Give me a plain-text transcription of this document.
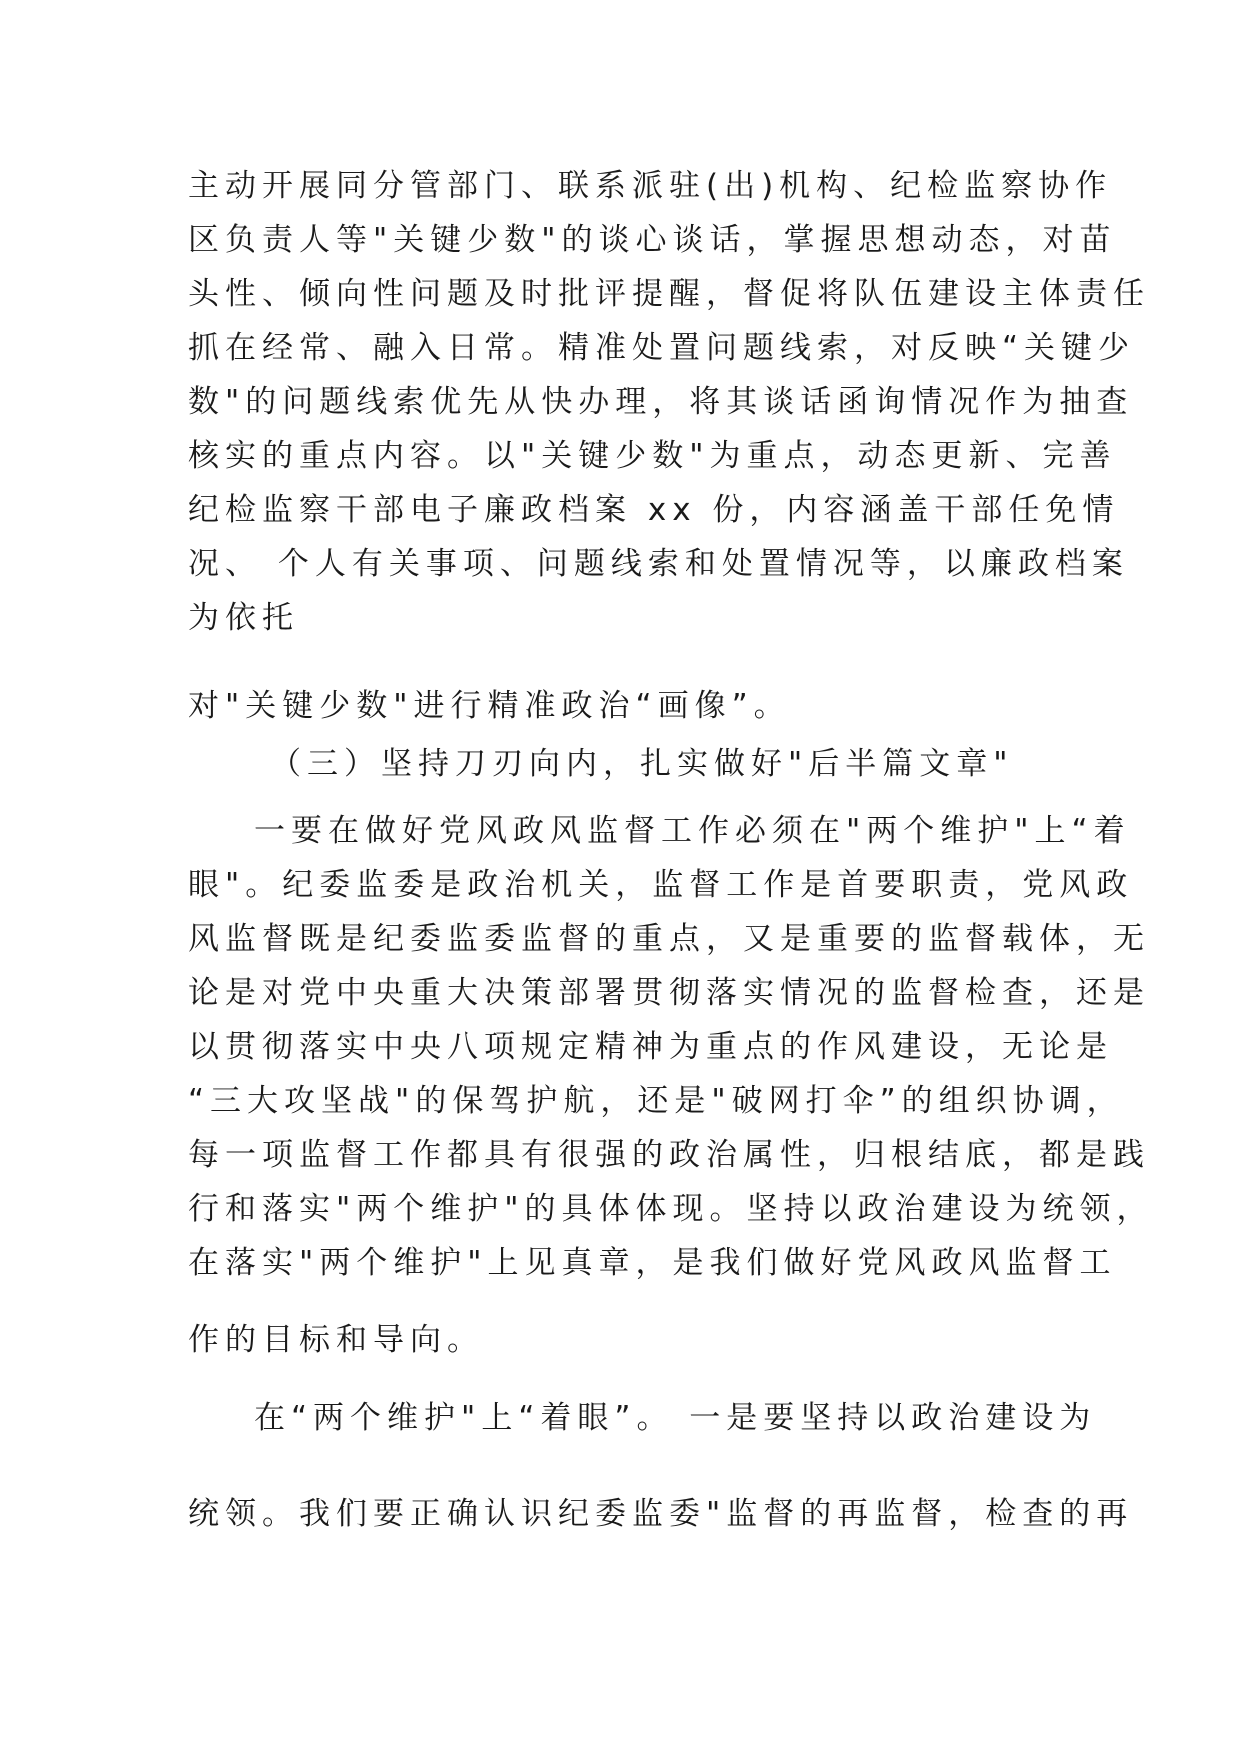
主动开展同分管部门、联系派驻(出)机构、纪检监察协作
区负责人等"关键少数"的谈心谈话，掌握思想动态，对苗
头性、倾向性问题及时批评提醒，督促将队伍建设主体责任
抓在经常、融入日常。精准处置问题线索，对反映“关键少
数"的问题线索优先从快办理，将其谈话函询情况作为抽查
核实的重点内容。以"关键少数"为重点，动态更新、完善
纪检监察干部电子廉政档案 xx 份，内容涵盖干部任免情
况、 个人有关事项、问题线索和处置情况等，以廉政档案
为依托
对"关键少数"进行精准政治“画像”。
（三）坚持刀刃向内，扎实做好"后半篇文章"
一要在做好党风政风监督工作必须在"两个维护"上“着
眼"。纪委监委是政治机关，监督工作是首要职责，党风政
风监督既是纪委监委监督的重点，又是重要的监督载体，无
论是对党中央重大决策部署贯彻落实情况的监督检查，还是
以贯彻落实中央八项规定精神为重点的作风建设，无论是
“三大攻坚战"的保驾护航，还是"破网打伞”的组织协调，
每一项监督工作都具有很强的政治属性，归根结底，都是践
行和落实"两个维护"的具体体现。坚持以政治建设为统领，
在落实"两个维护"上见真章，是我们做好党风政风监督工
作的目标和导向。
在“两个维护"上“着眼”。 一是要坚持以政治建设为
统领。我们要正确认识纪委监委"监督的再监督，检查的再
